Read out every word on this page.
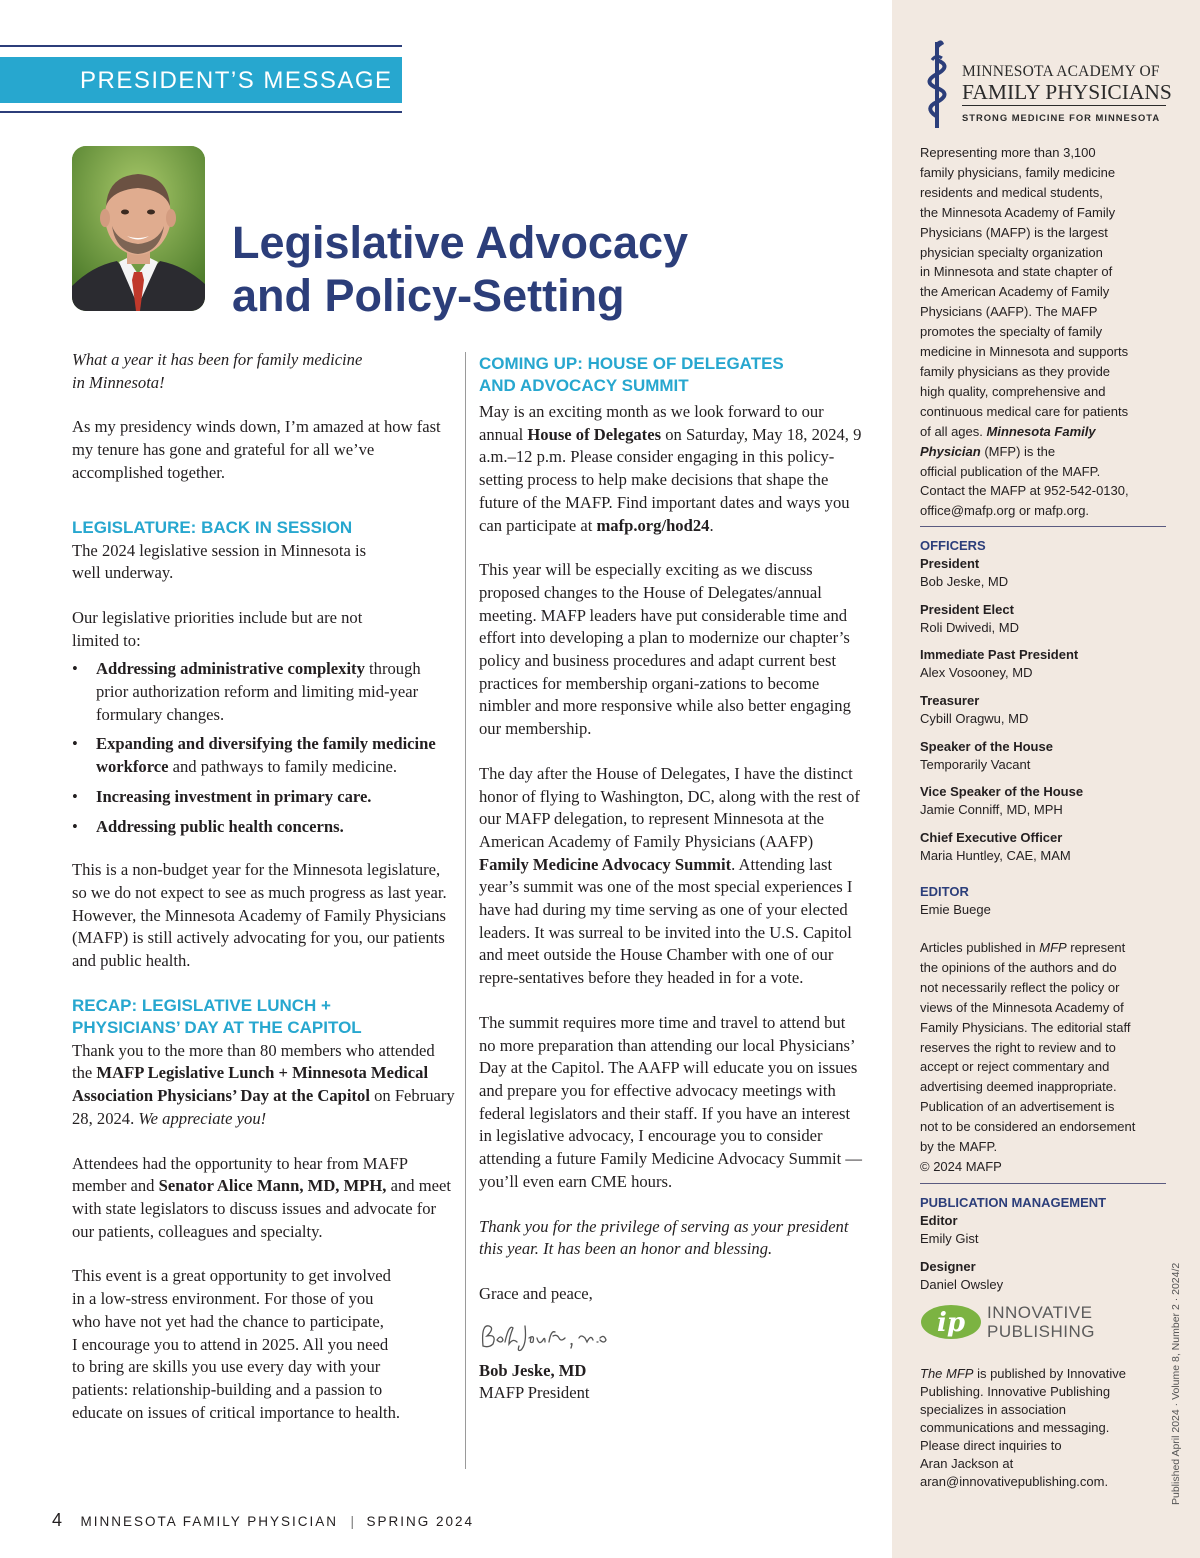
PRESIDENT’S MESSAGE
Legislative Advocacy
and Policy-Setting

What a year it has been for family medicine
in Minnesota!

As my presidency winds down, I’m amazed at how fast my tenure has gone and grateful for all we’ve accomplished together.

LEGISLATURE: BACK IN SESSION

The 2024 legislative session in Minnesota is
well underway.

Our legislative priorities include but are not
limited to:

• Addressing administrative complexity through prior authorization reform and limiting mid-year formulary changes.
• Expanding and diversifying the family medicine workforce and pathways to family medicine.
• Increasing investment in primary care.
• Addressing public health concerns.

This is a non-budget year for the Minnesota legislature, so we do not expect to see as much progress as last year. However, the Minnesota Academy of Family Physicians (MAFP) is still actively advocating for you, our patients and public health.

RECAP: LEGISLATIVE LUNCH +
PHYSICIANS’ DAY AT THE CAPITOL

Thank you to the more than 80 members who attended the MAFP Legislative Lunch + Minnesota Medical Association Physicians’ Day at the Capitol on February 28, 2024. We appreciate you!

Attendees had the opportunity to hear from MAFP member and Senator Alice Mann, MD, MPH, and meet with state legislators to discuss issues and advocate for our patients, colleagues and specialty.

This event is a great opportunity to get involved
in a low-stress environment. For those of you
who have not yet had the chance to participate,
I encourage you to attend in 2025. All you need
to bring are skills you use every day with your
patients: relationship-building and a passion to
educate on issues of critical importance to health.

COMING UP: HOUSE OF DELEGATES
AND ADVOCACY SUMMIT

May is an exciting month as we look forward to our annual House of Delegates on Saturday, May 18, 2024, 9 a.m.–12 p.m. Please consider engaging in this policy-setting process to help make decisions that shape the future of the MAFP. Find important dates and ways you can participate at mafp.org/hod24.

This year will be especially exciting as we discuss proposed changes to the House of Delegates/annual meeting. MAFP leaders have put considerable time and effort into developing a plan to modernize our chapter’s policy and business procedures and adapt current best practices for membership organi-zations to become nimbler and more responsive while also better engaging our membership.

The day after the House of Delegates, I have the distinct honor of flying to Washington, DC, along with the rest of our MAFP delegation, to represent Minnesota at the American Academy of Family Physicians (AAFP) Family Medicine Advocacy Summit. Attending last year’s summit was one of the most special experiences I have had during my time serving as one of your elected leaders. It was surreal to be invited into the U.S. Capitol and meet outside the House Chamber with one of our repre-sentatives before they headed in for a vote.

The summit requires more time and travel to attend but no more preparation than attending our local Physicians’ Day at the Capitol. The AAFP will educate you on issues and prepare you for effective advocacy meetings with federal legislators and their staff. If you have an interest in legislative advocacy, I encourage you to consider attending a future Family Medicine Advocacy Summit — you’ll even earn CME hours.

Thank you for the privilege of serving as your president this year. It has been an honor and blessing.

Grace and peace,

Bob Jeske, MD

MAFP President

MINNESOTA ACADEMY OF
FAMILY PHYSICIANS
STRONG MEDICINE FOR MINNESOTA
Representing more than 3,100
family physicians, family medicine
residents and medical students,
the Minnesota Academy of Family
Physicians (MAFP) is the largest
physician specialty organization
in Minnesota and state chapter of
the American Academy of Family
Physicians (AAFP). The MAFP
promotes the specialty of family
medicine in Minnesota and supports
family physicians as they provide
high quality, comprehensive and
continuous medical care for patients
of all ages. Minnesota Family
Physician (MFP) is the
official publication of the MAFP.
Contact the MAFP at 952-542-0130,
office@mafp.org or mafp.org.
OFFICERS
President
Bob Jeske, MD
President Elect
Roli Dwivedi, MD
Immediate Past President
Alex Vosooney, MD
Treasurer
Cybill Oragwu, MD
Speaker of the House
Temporarily Vacant
Vice Speaker of the House
Jamie Conniff, MD, MPH
Chief Executive Officer
Maria Huntley, CAE, MAM
EDITOR
Emie Buege
Articles published in MFP represent
the opinions of the authors and do
not necessarily reflect the policy or
views of the Minnesota Academy of
Family Physicians. The editorial staff
reserves the right to review and to
accept or reject commentary and
advertising deemed inappropriate.
Publication of an advertisement is
not to be considered an endorsement
by the MAFP.
© 2024 MAFP
PUBLICATION MANAGEMENT
Editor
Emily Gist
Designer
Daniel Owsley
ip INNOVATIVE
PUBLISHING
The MFP is published by Innovative
Publishing. Innovative Publishing
specializes in association
communications and messaging.
Please direct inquiries to
Aran Jackson at
aran@innovativepublishing.com.	Published April 2024 · Volume 8, Number 2 · 2024/2
4 MINNESOTA FAMILY PHYSICIAN | SPRING 2024
